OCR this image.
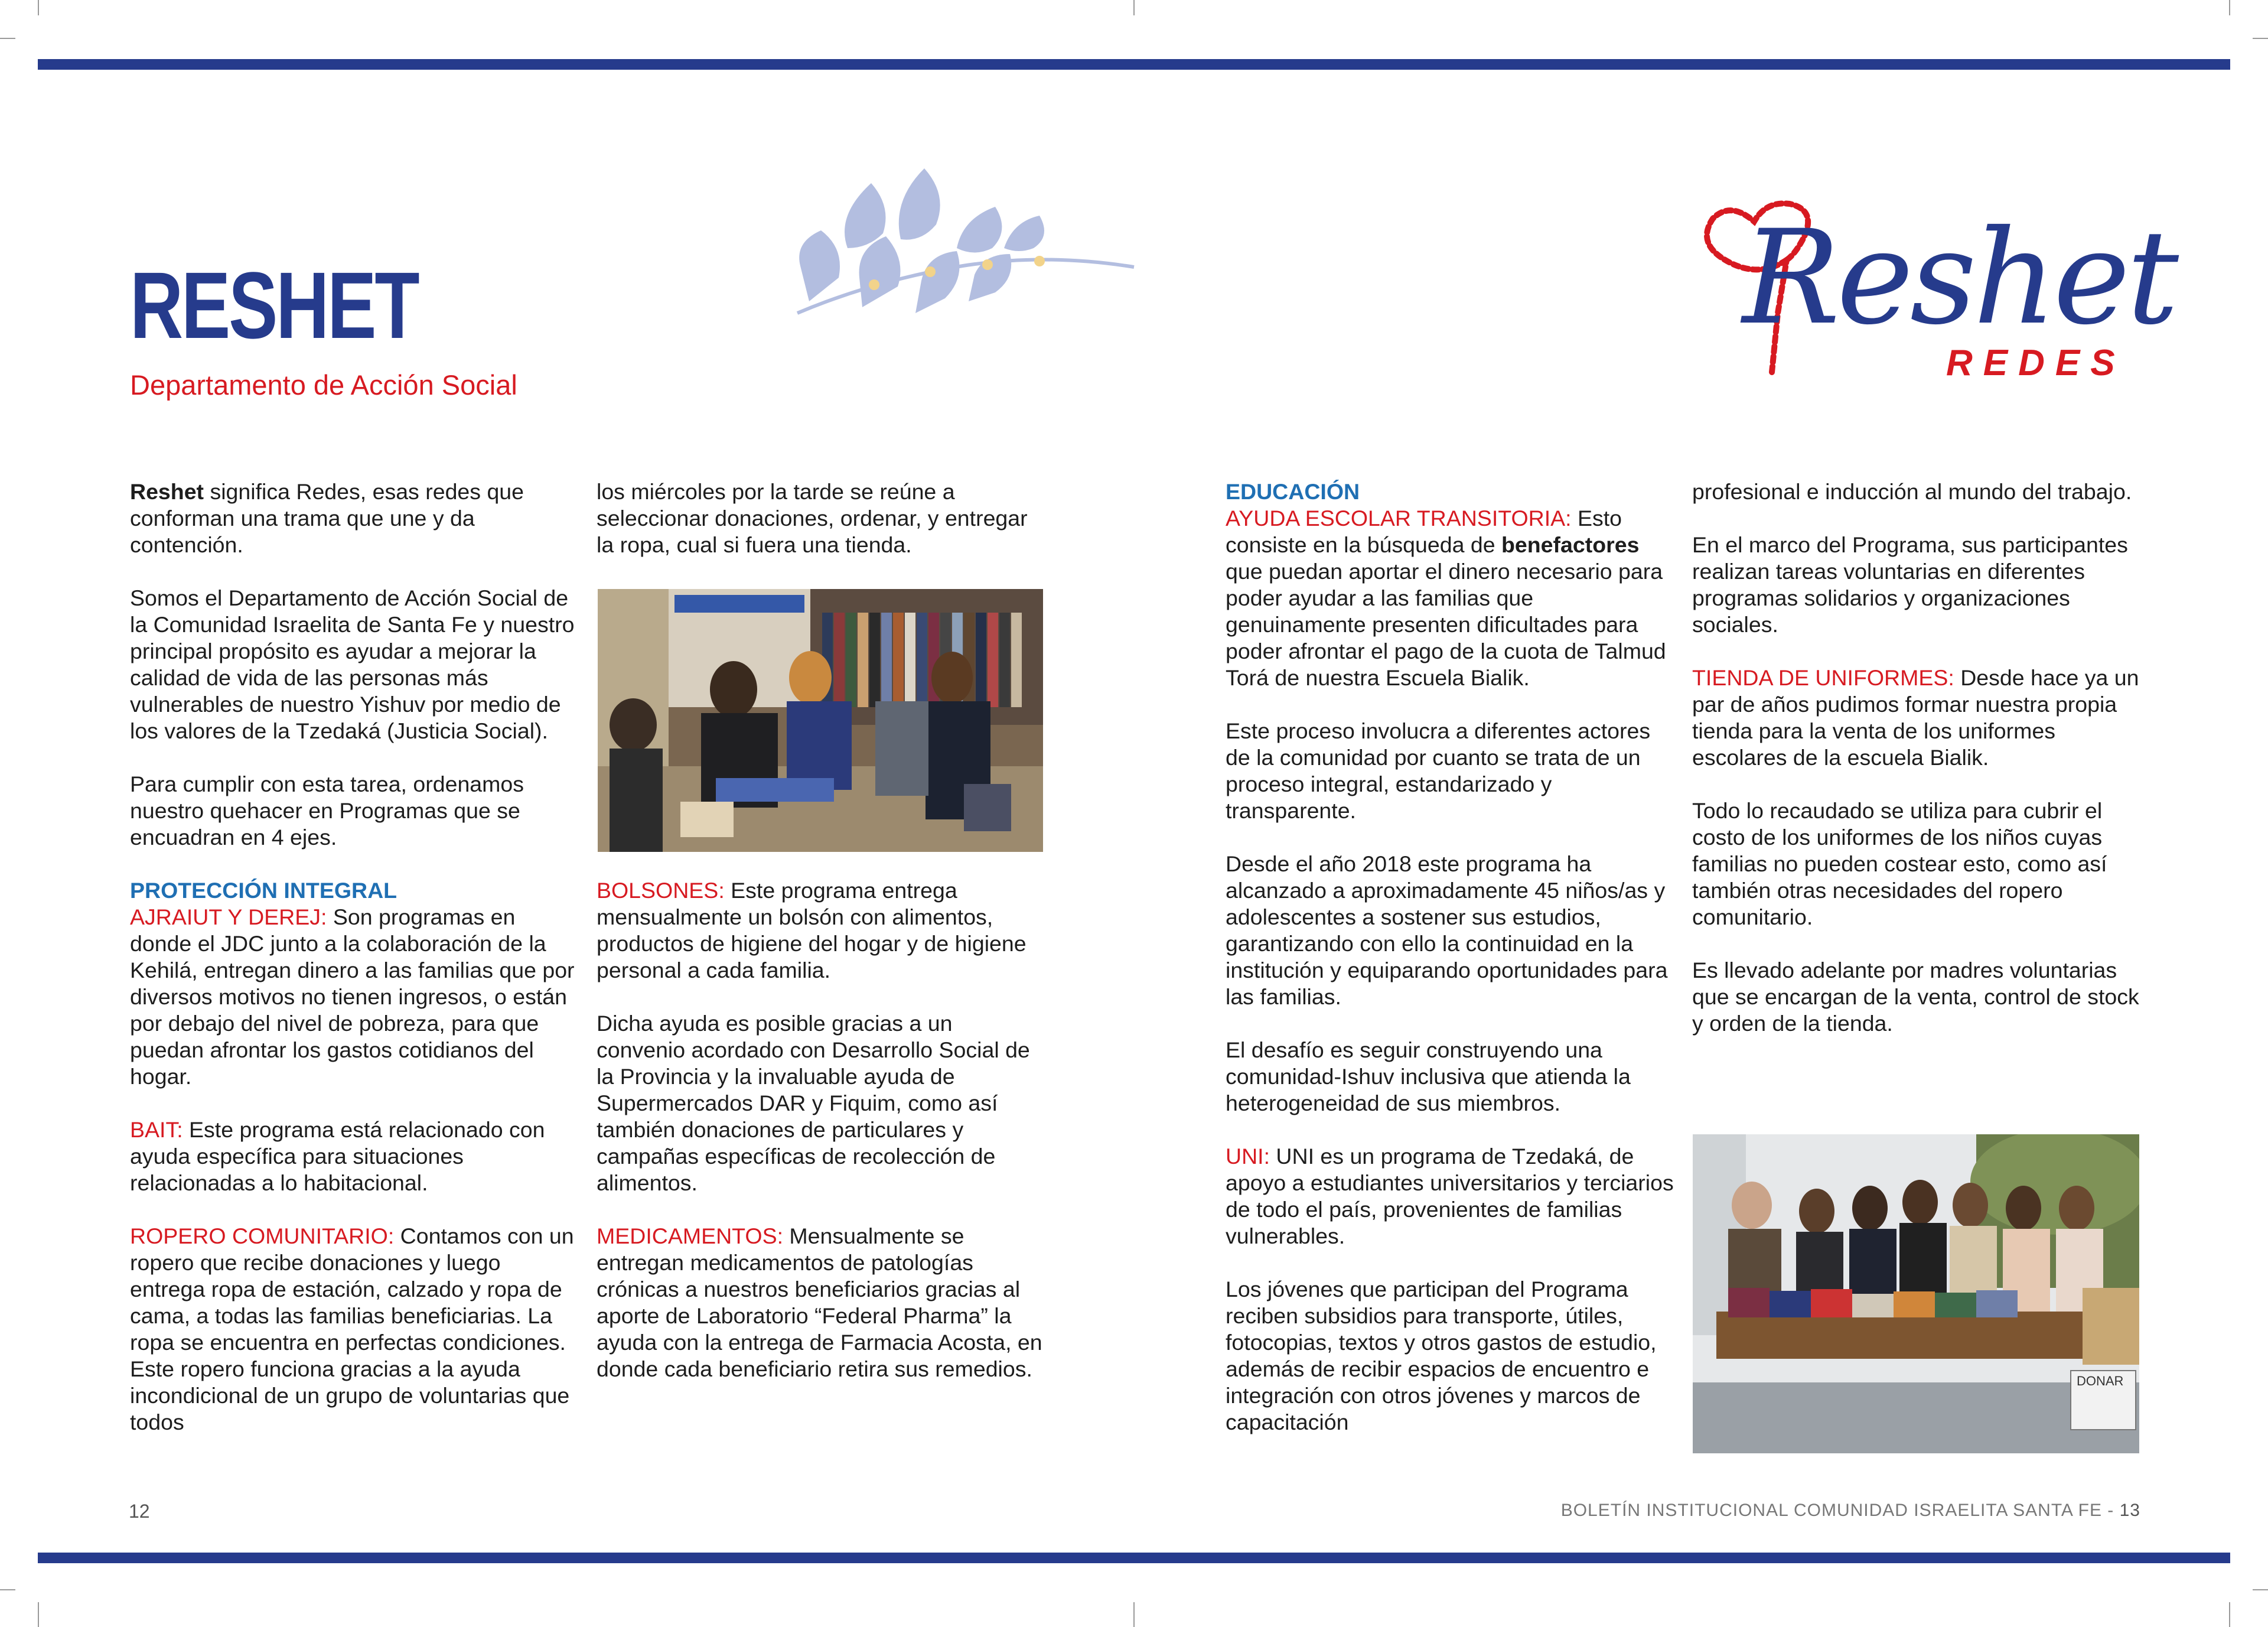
RESHET
Departamento de Acción Social
Reshet
REDES

Reshet significa Redes, esas redes que conforman una trama que une y da contención.

Somos el Departamento de Acción Social de la Comunidad Israelita de Santa Fe y nuestro principal propósito es ayudar a mejorar la calidad de vida de las personas más vulnerables de nuestro Yishuv por medio de los valores de la Tzedaká (Justicia Social).

Para cumplir con esta tarea, ordenamos nuestro quehacer en Programas que se encuadran en 4 ejes.

PROTECCIÓN INTEGRAL

AJRAIUT Y DEREJ: Son programas en donde el JDC junto a la colaboración de la Kehilá, entregan dinero a las familias que por diversos motivos no tienen ingresos, o están por debajo del nivel de pobreza, para que puedan afrontar los gastos cotidianos del hogar.

BAIT: Este programa está relacionado con ayuda específica para situaciones relacionadas a lo habitacional.

ROPERO COMUNITARIO: Contamos con un ropero que recibe donaciones y luego entrega ropa de estación, calzado y ropa de cama, a todas las familias beneficiarias. La ropa se encuentra en perfectas condiciones. Este ropero funciona gracias a la ayuda incondicional de un grupo de voluntarias que todos

los miércoles por la tarde se reúne a seleccionar donaciones, ordenar, y entregar la ropa, cual si fuera una tienda.

BOLSONES: Este programa entrega mensualmente un bolsón con alimentos, productos de higiene del hogar y de higiene personal a cada familia.

Dicha ayuda es posible gracias a un convenio acordado con Desarrollo Social de la Provincia y la invaluable ayuda de Supermercados DAR y Fiquim, como así también donaciones de particulares y campañas específicas de recolección de alimentos.

MEDICAMENTOS: Mensualmente se entregan medicamentos de patologías crónicas a nuestros beneficiarios gracias al aporte de Laboratorio “Federal Pharma” la ayuda con la entrega de Farmacia Acosta, en donde cada beneficiario retira sus remedios.

EDUCACIÓN

AYUDA ESCOLAR TRANSITORIA: Esto consiste en la búsqueda de benefactores que puedan aportar el dinero necesario para poder ayudar a las familias que genuinamente presenten dificultades para poder afrontar el pago de la cuota de Talmud Torá de nuestra Escuela Bialik.

Este proceso involucra a diferentes actores de la comunidad por cuanto se trata de un proceso integral, estandarizado y transparente.

Desde el año 2018 este programa ha alcanzado a aproximadamente 45 niños/as y adolescentes a sostener sus estudios, garantizando con ello la continuidad en la institución y equiparando oportunidades para las familias.

El desafío es seguir construyendo una comunidad-Ishuv inclusiva que atienda la heterogeneidad de sus miembros.

UNI: UNI es un programa de Tzedaká, de apoyo a estudiantes universitarios y terciarios de todo el país, provenientes de familias vulnerables.

Los jóvenes que participan del Programa reciben subsidios para transporte, útiles, fotocopias, textos y otros gastos de estudio, además de recibir espacios de encuentro e integración con otros jóvenes y marcos de capacitación

profesional e inducción al mundo del trabajo.

En el marco del Programa, sus participantes realizan tareas voluntarias en diferentes programas solidarios y organizaciones sociales.

TIENDA DE UNIFORMES: Desde hace ya un par de años pudimos formar nuestra propia tienda para la venta de los uniformes escolares de la escuela Bialik.

Todo lo recaudado se utiliza para cubrir el costo de los uniformes de los niños cuyas familias no pueden costear esto, como así también otras necesidades del ropero comunitario.

Es llevado adelante por madres voluntarias que se encargan de la venta, control de stock y orden de la tienda.

DONAR
12	BOLETÍN INSTITUCIONAL COMUNIDAD ISRAELITA SANTA FE - 13
